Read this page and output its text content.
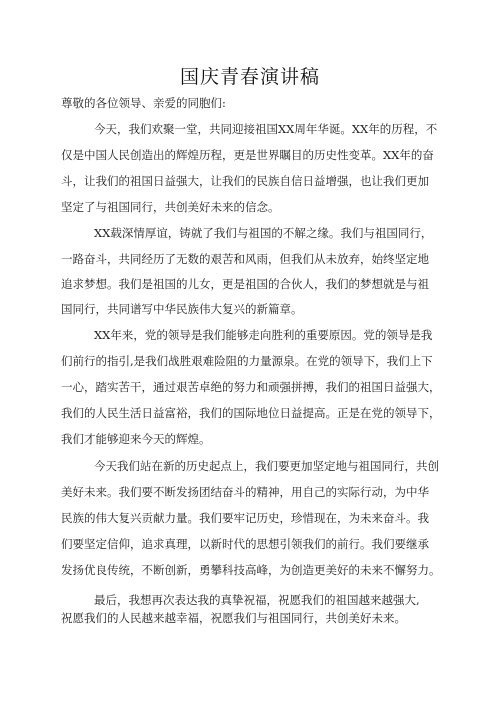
国庆青春演讲稿
尊敬的各位领导、亲爱的同胞们:
今天，我们欢聚一堂，共同迎接祖国XX周年华诞。XX年的历程，不
仅是中国人民创造出的辉煌历程，更是世界瞩目的历史性变革。XX年的奋
斗，让我们的祖国日益强大，让我们的民族自信日益增强，也让我们更加
坚定了与祖国同行，共创美好未来的信念。
XX载深情厚谊，铸就了我们与祖国的不解之缘。我们与祖国同行，
一路奋斗，共同经历了无数的艰苦和风雨，但我们从未放弃，始终坚定地
追求梦想。我们是祖国的儿女，更是祖国的合伙人，我们的梦想就是与祖
国同行，共同谱写中华民族伟大复兴的新篇章。
XX年来，党的领导是我们能够走向胜利的重要原因。党的领导是我
们前行的指引,是我们战胜艰难险阻的力量源泉。在党的领导下，我们上下
一心，踏实苦干，通过艰苦卓绝的努力和顽强拼搏，我们的祖国日益强大，
我们的人民生活日益富裕，我们的国际地位日益提高。正是在党的领导下，
我们才能够迎来今天的辉煌。
今天我们站在新的历史起点上，我们要更加坚定地与祖国同行，共创
美好未来。我们要不断发扬团结奋斗的精神，用自己的实际行动，为中华
民族的伟大复兴贡献力量。我们要牢记历史，珍惜现在，为未来奋斗。我
们要坚定信仰，追求真理，以新时代的思想引领我们的前行。我们要继承
发扬优良传统，不断创新，勇攀科技高峰，为创造更美好的未来不懈努力。
最后，我想再次表达我的真挚祝福，祝愿我们的祖国越来越强大,
祝愿我们的人民越来越幸福，祝愿我们与祖国同行，共创美好未来。
